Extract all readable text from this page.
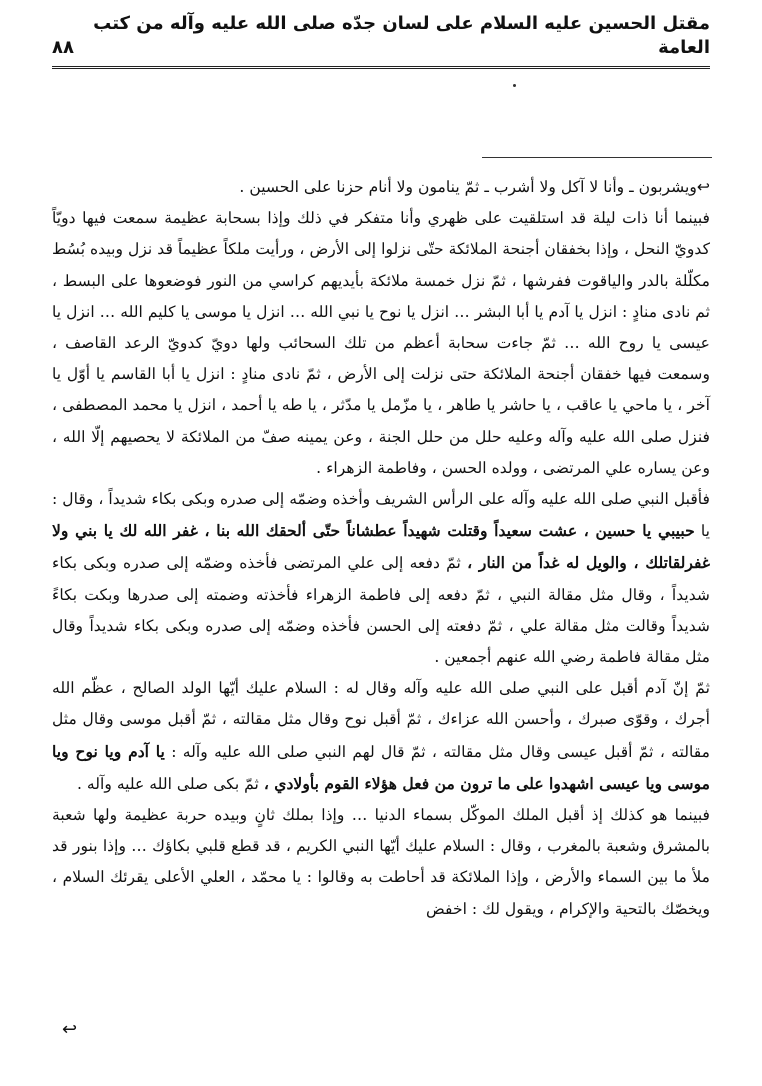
مقتل الحسين عليه السلام على لسان جدّه صلى الله عليه وآله من كتب العامة
٨٨

↩ويشربون ـ وأنا لا آكل ولا أشرب ـ ثمّ ينامون ولا أنام حزنا على الحسين .

فبينما أنا ذات ليلة قد استلقيت على ظهري وأنا متفكر في ذلك وإذا بسحابة عظيمة سمعت فيها دويّاً كدويّ النحل ، وإذا بخفقان أجنحة الملائكة حتّى نزلوا إلى الأرض ، ورأيت ملكاً عظيماً قد نزل وبيده بُسُط مكلّلة بالدر والياقوت ففرشها ، ثمّ نزل خمسة ملائكة بأيديهم كراسي من النور فوضعوها على البسط ، ثم نادى منادٍ : انزل يا آدم يا أبا البشر … انزل يا نوح يا نبي الله … انزل يا موسى يا كليم الله … انزل يا عيسى يا روح الله … ثمّ جاءت سحابة أعظم من تلك السحائب ولها دويّ كدويّ الرعد القاصف ، وسمعت فيها خفقان أجنحة الملائكة حتى نزلت إلى الأرض ، ثمّ نادى منادٍ : انزل يا أبا القاسم يا أوّل يا آخر ، يا ماحي يا عاقب ، يا حاشر يا طاهر ، يا مزّمل يا مدّثر ، يا طه يا أحمد ، انزل يا محمد المصطفى ، فنزل صلى الله عليه وآله وعليه حلل من حلل الجنة ، وعن يمينه صفّ من الملائكة لا يحصيهم إلّا الله ، وعن يساره علي المرتضى ، وولده الحسن ، وفاطمة الزهراء .

فأقبل النبي صلى الله عليه وآله على الرأس الشريف وأخذه وضمّه إلى صدره وبكى بكاء شديداً ، وقال : يا حبيبي يا حسين ، عشت سعيداً وقتلت شهيداً عطشاناً حتّى ألحقك الله بنا ، غفر الله لك يا بني ولا غفرلقاتلك ، والويل له غداً من النار ، ثمّ دفعه إلى علي المرتضى فأخذه وضمّه إلى صدره وبكى بكاء شديداً ، وقال مثل مقالة النبي ، ثمّ دفعه إلى فاطمة الزهراء فأخذته وضمته إلى صدرها وبكت بكاءً شديداً وقالت مثل مقالة علي ، ثمّ دفعته إلى الحسن فأخذه وضمّه إلى صدره وبكى بكاء شديداً وقال مثل مقالة فاطمة رضي الله عنهم أجمعين .

ثمّ إنّ آدم أقبل على النبي صلى الله عليه وآله وقال له : السلام عليك أيّها الولد الصالح ، عظّم الله أجرك ، وقوّى صبرك ، وأحسن الله عزاءك ، ثمّ أقبل نوح وقال مثل مقالته ، ثمّ أقبل موسى وقال مثل مقالته ، ثمّ أقبل عيسى وقال مثل مقالته ، ثمّ قال لهم النبي صلى الله عليه وآله : يا آدم ويا نوح ويا موسى ويا عيسى اشهدوا على ما ترون من فعل هؤلاء القوم بأولادي ، ثمّ بكى صلى الله عليه وآله .

فبينما هو كذلك إذ أقبل الملك الموكّل بسماء الدنيا … وإذا بملك ثانٍ وبيده حربة عظيمة ولها شعبة بالمشرق وشعبة بالمغرب ، وقال : السلام عليك أيّها النبي الكريم ، قد قطع قلبي بكاؤك … وإذا بنور قد ملأ ما بين السماء والأرض ، وإذا الملائكة قد أحاطت به وقالوا : يا محمّد ، العلي الأعلى يقرئك السلام ، ويخصّك بالتحية والإكرام ، ويقول لك : اخفض

↩
